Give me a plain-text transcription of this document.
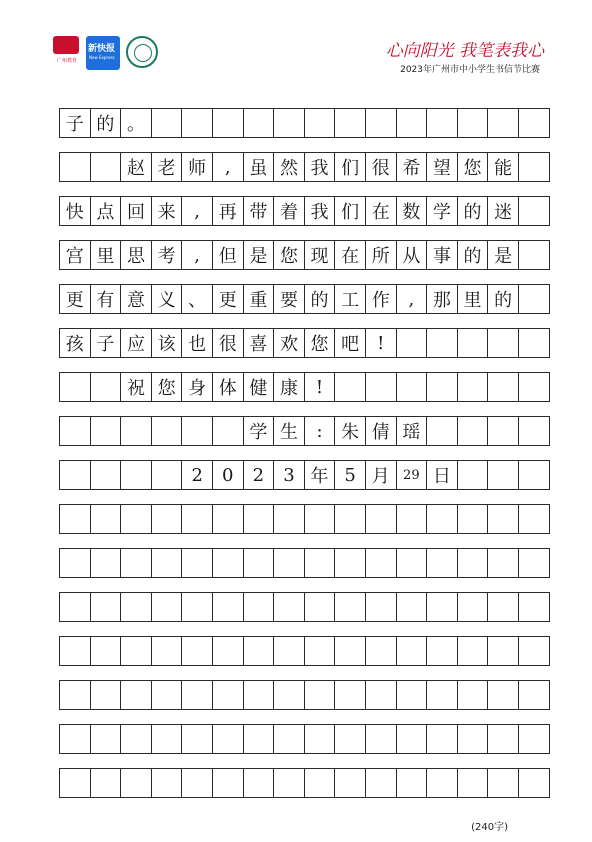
广州教育
新快报
New Express	心向阳光 我笔表我心
2023年广州市中小学生书信节比赛
子 的 。
赵 老 师	,	虽 然 我 们 很 希 望 您 能
快 点 回 来	,	再 带 着 我 们 在 数 学 的 迷
宫 里 思 考	,	但 是 您 现 在 所 从 事 的 是
更 有 意 义 、 更 重 要 的 工 作	,	那 里 的
孩 子 应 该 也 很 喜 欢 您 吧 !
祝 您 身 体 健 康 !
学 生	:	朱 倩 瑶
2	0	2	3 年 5 月	29 日
(240字)
